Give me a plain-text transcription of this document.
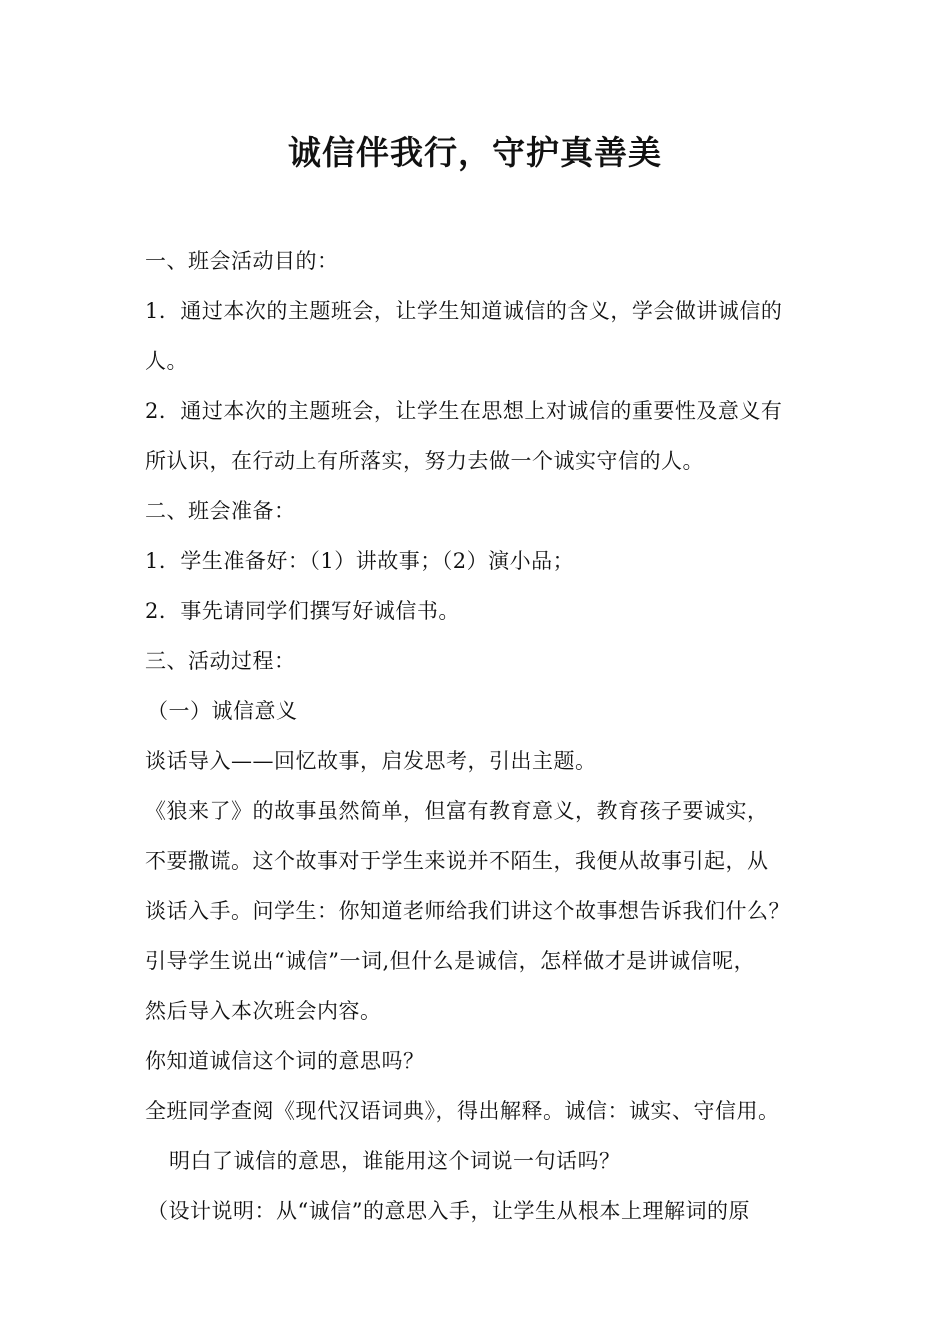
诚信伴我行，守护真善美
一、班会活动目的：
1．通过本次的主题班会，让学生知道诚信的含义，学会做讲诚信的
人。
2．通过本次的主题班会，让学生在思想上对诚信的重要性及意义有
所认识，在行动上有所落实，努力去做一个诚实守信的人。
二、班会准备：
1．学生准备好：（1）讲故事；（2）演小品；
2．事先请同学们撰写好诚信书。
三、活动过程：
（一）诚信意义
谈话导入——回忆故事，启发思考，引出主题。
《狼来了》的故事虽然简单，但富有教育意义，教育孩子要诚实，
不要撒谎。这个故事对于学生来说并不陌生，我便从故事引起，从
谈话入手。问学生：你知道老师给我们讲这个故事想告诉我们什么？
引导学生说出“诚信”一词,但什么是诚信，怎样做才是讲诚信呢，
然后导入本次班会内容。
你知道诚信这个词的意思吗？
全班同学查阅《现代汉语词典》，得出解释。诚信：诚实、守信用。
明白了诚信的意思，谁能用这个词说一句话吗？
（设计说明：从“诚信”的意思入手，让学生从根本上理解词的原
